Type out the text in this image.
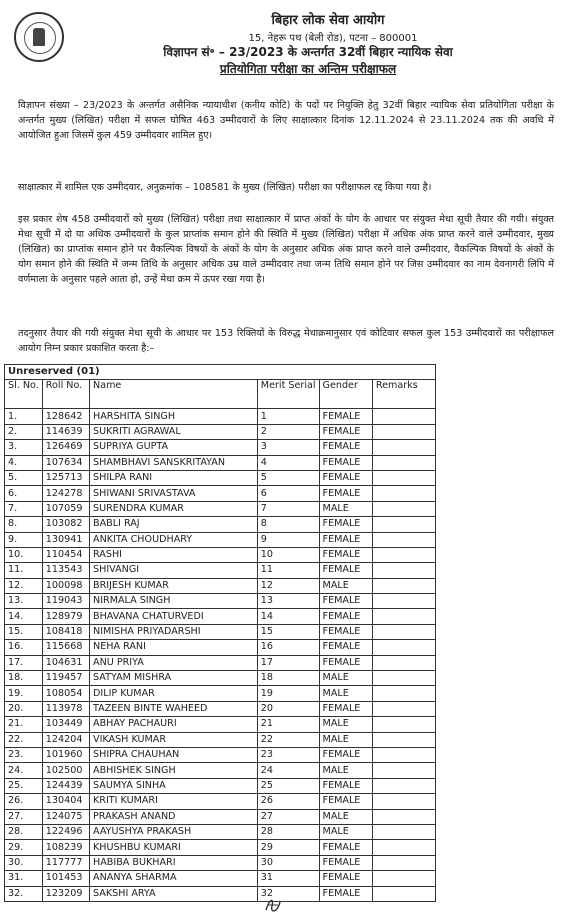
बिहार लोक सेवा आयोग
15, नेहरू पथ (बेली रोड), पटना – 800001
विज्ञापन सं॰ – 23/2023 के अन्तर्गत 32वीं बिहार न्यायिक सेवा
प्रतियोगिता परीक्षा का अन्तिम परीक्षाफल
विज्ञापन संख्या – 23/2023 के अन्तर्गत असैनिक न्यायाधीश (कनीय कोटि) के पदों पर नियुक्ति हेतु 32वीं बिहार न्यायिक सेवा प्रतियोगिता परीक्षा के अन्तर्गत मुख्य (लिखित) परीक्षा में सफल घोषित 463 उम्मीदवारों के लिए साक्षात्कार दिनांक 12.11.2024 से 23.11.2024 तक की अवधि में आयोजित हुआ जिसमें कुल 459 उम्मीदवार शामिल हुए।
साक्षात्कार में शामिल एक उम्मीदवार, अनुक्रमांक – 108581 के मुख्य (लिखित) परीक्षा का परीक्षाफल रद्द किया गया है।
इस प्रकार शेष 458 उम्मीदवारों को मुख्य (लिखित) परीक्षा तथा साक्षात्कार में प्राप्त अंकों के योग के आधार पर संयुक्त मेधा सूची तैयार की गयी। संयुक्त मेधा सूची में दो या अधिक उम्मीदवारों के कुल प्राप्तांक समान होने की स्थिति में मुख्य (लिखित) परीक्षा में अधिक अंक प्राप्त करने वाले उम्मीदवार, मुख्य (लिखित) का प्राप्तांक समान होने पर वैकल्पिक विषयों के अंकों के योग के अनुसार अधिक अंक प्राप्त करने वाले उम्मीदवार, वैकल्पिक विषयों के अंकों के योग समान होने की स्थिति में जन्म तिथि के अनुसार अधिक उम्र वाले उम्मीदवार तथा जन्म तिथि समान होने पर जिस उम्मीदवार का नाम देवनागरी लिपि में वर्णमाला के अनुसार पहले आता हो, उन्हें मेधा क्रम में ऊपर रखा गया है।
तदनुसार तैयार की गयी संयुक्त मेधा सूची के आधार पर 153 रिक्तियों के विरुद्ध मेधाक्रमानुसार एवं कोटिवार सफल कुल 153 उम्मीदवारों का परीक्षाफल आयोग निम्न प्रकार प्रकाशित करता है:–
Unreserved (01)					
Sl. No.	Roll No.	Name	Merit Serial	Gender	Remarks
1.	128642	HARSHITA SINGH	1	FEMALE	
2.	114639	SUKRITI AGRAWAL	2	FEMALE	
3.	126469	SUPRIYA GUPTA	3	FEMALE	
4.	107634	SHAMBHAVI SANSKRITAYAN	4	FEMALE	
5.	125713	SHILPA RANI	5	FEMALE	
6.	124278	SHIWANI SRIVASTAVA	6	FEMALE	
7.	107059	SURENDRA KUMAR	7	MALE	
8.	103082	BABLI RAJ	8	FEMALE	
9.	130941	ANKITA CHOUDHARY	9	FEMALE	
10.	110454	RASHI	10	FEMALE	
11.	113543	SHIVANGI	11	FEMALE	
12.	100098	BRIJESH KUMAR	12	MALE	
13.	119043	NIRMALA SINGH	13	FEMALE	
14.	128979	BHAVANA CHATURVEDI	14	FEMALE	
15.	108418	NIMISHA PRIYADARSHI	15	FEMALE	
16.	115668	NEHA RANI	16	FEMALE	
17.	104631	ANU PRIYA	17	FEMALE	
18.	119457	SATYAM MISHRA	18	MALE	
19.	108054	DILIP KUMAR	19	MALE	
20.	113978	TAZEEN BINTE WAHEED	20	FEMALE	
21.	103449	ABHAY PACHAURI	21	MALE	
22.	124204	VIKASH KUMAR	22	MALE	
23.	101960	SHIPRA CHAUHAN	23	FEMALE	
24.	102500	ABHISHEK SINGH	24	MALE	
25.	124439	SAUMYA SINHA	25	FEMALE	
26.	130404	KRITI KUMARI	26	FEMALE	
27.	124075	PRAKASH ANAND	27	MALE	
28.	122496	AAYUSHYA PRAKASH	28	MALE	
29.	108239	KHUSHBU KUMARI	29	FEMALE	
30.	117777	HABIBA BUKHARI	30	FEMALE	
31.	101453	ANANYA SHARMA	31	FEMALE	
32.	123209	SAKSHI ARYA	32	FEMALE	
